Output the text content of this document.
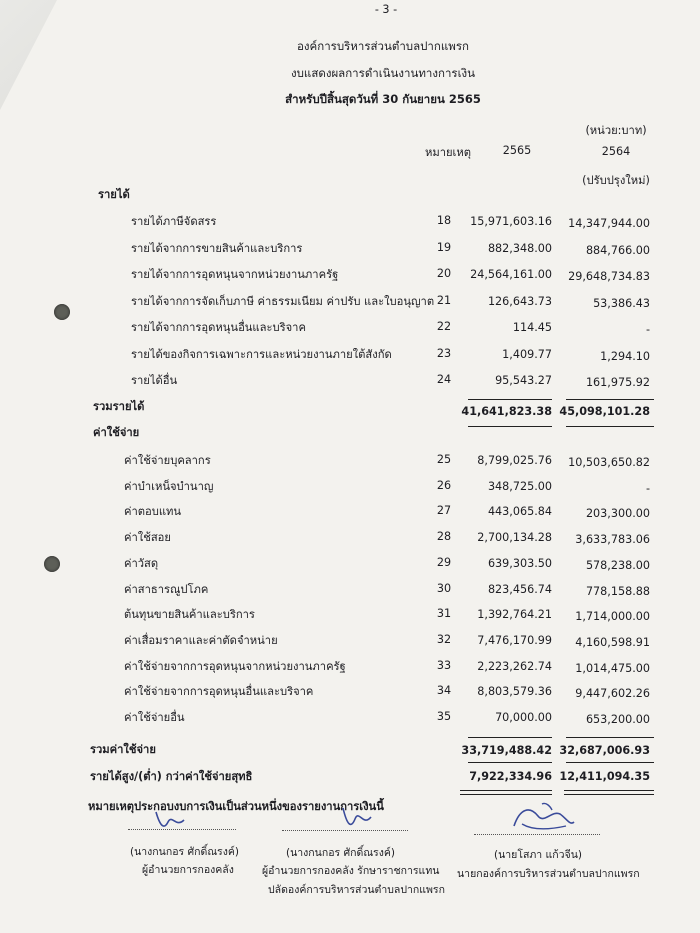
- 3 -
องค์การบริหารส่วนตำบลปากแพรก
งบแสดงผลการดำเนินงานทางการเงิน
สำหรับปีสิ้นสุดวันที่ 30 กันยายน 2565
(หน่วย:บาท)
หมายเหตุ	2565	2564
(ปรับปรุงใหม่)
รายได้
รายได้ภาษีจัดสรร	18 15,971,603.16 14,347,944.00
รายได้จากการขายสินค้าและบริการ	19	882,348.00	884,766.00
รายได้จากการอุดหนุนจากหน่วยงานภาครัฐ	20 24,564,161.00 29,648,734.83
รายได้จากการจัดเก็บภาษี ค่าธรรมเนียม ค่าปรับ และใบอนุญาต 21	126,643.73	53,386.43
รายได้จากการอุดหนุนอื่นและบริจาค	22	114.45	-
รายได้ของกิจการเฉพาะการและหน่วยงานภายใต้สังกัด	23	1,409.77	1,294.10
รายได้อื่น	24	95,543.27	161,975.92
รวมรายได้	41,641,823.38 45,098,101.28
ค่าใช้จ่าย
ค่าใช้จ่ายบุคลากร	25 8,799,025.76 10,503,650.82
ค่าบำเหน็จบำนาญ	26	348,725.00	-
ค่าตอบแทน	27	443,065.84	203,300.00
ค่าใช้สอย	28 2,700,134.28 3,633,783.06
ค่าวัสดุ	29	639,303.50	578,238.00
ค่าสาธารณูปโภค	30	823,456.74	778,158.88
ต้นทุนขายสินค้าและบริการ	31 1,392,764.21 1,714,000.00
ค่าเสื่อมราคาและค่าตัดจำหน่าย	32 7,476,170.99 4,160,598.91
ค่าใช้จ่ายจากการอุดหนุนจากหน่วยงานภาครัฐ	33 2,223,262.74 1,014,475.00
ค่าใช้จ่ายจากการอุดหนุนอื่นและบริจาค	34 8,803,579.36 9,447,602.26
ค่าใช้จ่ายอื่น	35	70,000.00	653,200.00
รวมค่าใช้จ่าย	33,719,488.42 32,687,006.93
รายได้สูง/(ต่ำ) กว่าค่าใช้จ่ายสุทธิ	7,922,334.96 12,411,094.35
หมายเหตุประกอบงบการเงินเป็นส่วนหนึ่งของรายงานการเงินนี้
(นางกนกอร ศักดิ์ณรงค์)
ผู้อำนวยการกองคลัง
(นางกนกอร ศักดิ์ณรงค์)
ผู้อำนวยการกองคลัง รักษาราชการแทน
ปลัดองค์การบริหารส่วนตำบลปากแพรก
(นายโสภา แก้วจีน)
นายกองค์การบริหารส่วนตำบลปากแพรก
